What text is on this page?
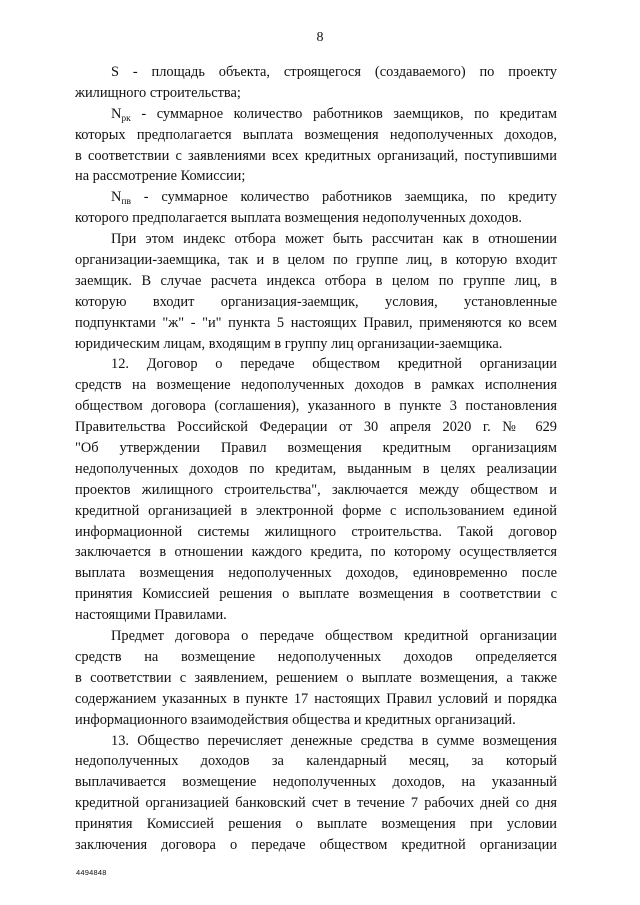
8
S - площадь объекта, строящегося (создаваемого) по проекту
жилищного строительства;
$N_{рк}$ - суммарное количество работников заемщиков, по кредитам
которых предполагается выплата возмещения недополученных доходов,
в соответствии с заявлениями всех кредитных организаций, поступившими
на рассмотрение Комиссии;
$N_{пв}$ - суммарное количество работников заемщика, по кредиту
которого предполагается выплата возмещения недополученных доходов.
При этом индекс отбора может быть рассчитан как в отношении
организации-заемщика, так и в целом по группе лиц, в которую входит
заемщик. В случае расчета индекса отбора в целом по группе лиц, в
которую входит организация-заемщик, условия, установленные
подпунктами "ж" - "и" пункта 5 настоящих Правил, применяются ко всем
юридическим лицам, входящим в группу лиц организации-заемщика.
12. Договор о передаче обществом кредитной организации
средств на возмещение недополученных доходов в рамках исполнения
обществом договора (соглашения), указанного в пункте 3 постановления
Правительства Российской Федерации от 30 апреля 2020 г. № 629
"Об утверждении Правил возмещения кредитным организациям
недополученных доходов по кредитам, выданным в целях реализации
проектов жилищного строительства", заключается между обществом и
кредитной организацией в электронной форме с использованием единой
информационной системы жилищного строительства. Такой договор
заключается в отношении каждого кредита, по которому осуществляется
выплата возмещения недополученных доходов, единовременно после
принятия Комиссией решения о выплате возмещения в соответствии с
настоящими Правилами.
Предмет договора о передаче обществом кредитной организации
средств на возмещение недополученных доходов определяется
в соответствии с заявлением, решением о выплате возмещения, а также
содержанием указанных в пункте 17 настоящих Правил условий и порядка
информационного взаимодействия общества и кредитных организаций.
13. Общество перечисляет денежные средства в сумме возмещения
недополученных доходов за календарный месяц, за который
выплачивается возмещение недополученных доходов, на указанный
кредитной организацией банковский счет в течение 7 рабочих дней со дня
принятия Комиссией решения о выплате возмещения при условии
заключения договора о передаче обществом кредитной организации
4494848
